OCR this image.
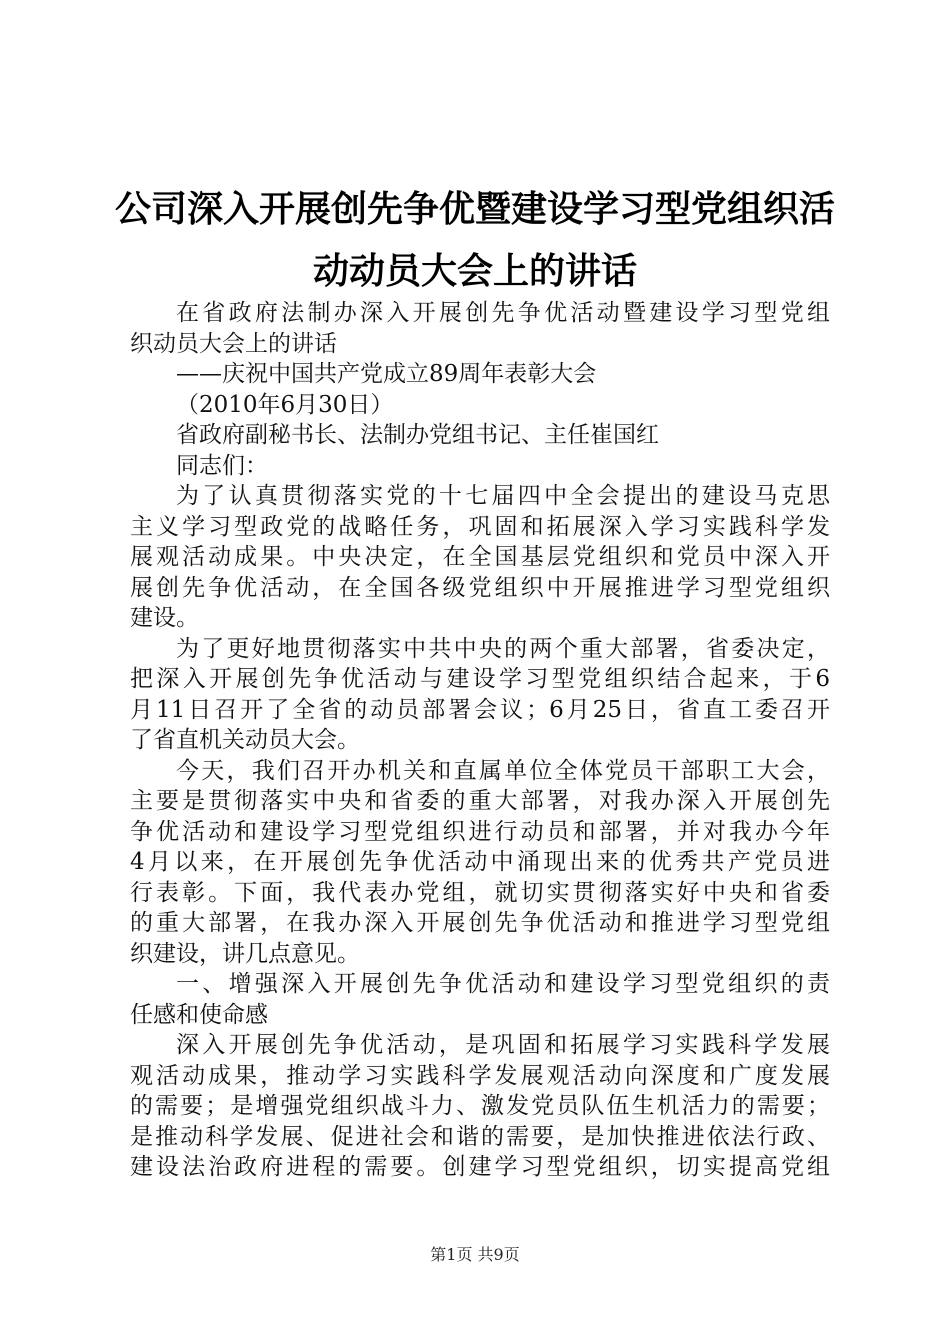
公司深入开展创先争优暨建设学习型党组织活
动动员大会上的讲话
在省政府法制办深入开展创先争优活动暨建设学习型党组
织动员大会上的讲话
——庆祝中国共产党成立89周年表彰大会
（2010年6月30日）
省政府副秘书长、法制办党组书记、主任崔国红
同志们：
为了认真贯彻落实党的十七届四中全会提出的建设马克思
主义学习型政党的战略任务，巩固和拓展深入学习实践科学发
展观活动成果。中央决定，在全国基层党组织和党员中深入开
展创先争优活动，在全国各级党组织中开展推进学习型党组织
建设。
为了更好地贯彻落实中共中央的两个重大部署，省委决定，
把深入开展创先争优活动与建设学习型党组织结合起来，于6
月11日召开了全省的动员部署会议；6月25日，省直工委召开
了省直机关动员大会。
今天，我们召开办机关和直属单位全体党员干部职工大会，
主要是贯彻落实中央和省委的重大部署，对我办深入开展创先
争优活动和建设学习型党组织进行动员和部署，并对我办今年
4月以来，在开展创先争优活动中涌现出来的优秀共产党员进
行表彰。下面，我代表办党组，就切实贯彻落实好中央和省委
的重大部署，在我办深入开展创先争优活动和推进学习型党组
织建设，讲几点意见。
一、增强深入开展创先争优活动和建设学习型党组织的责
任感和使命感
深入开展创先争优活动，是巩固和拓展学习实践科学发展
观活动成果，推动学习实践科学发展观活动向深度和广度发展
的需要；是增强党组织战斗力、激发党员队伍生机活力的需要；
是推动科学发展、促进社会和谐的需要，是加快推进依法行政、
建设法治政府进程的需要。创建学习型党组织，切实提高党组
第1页 共9页
